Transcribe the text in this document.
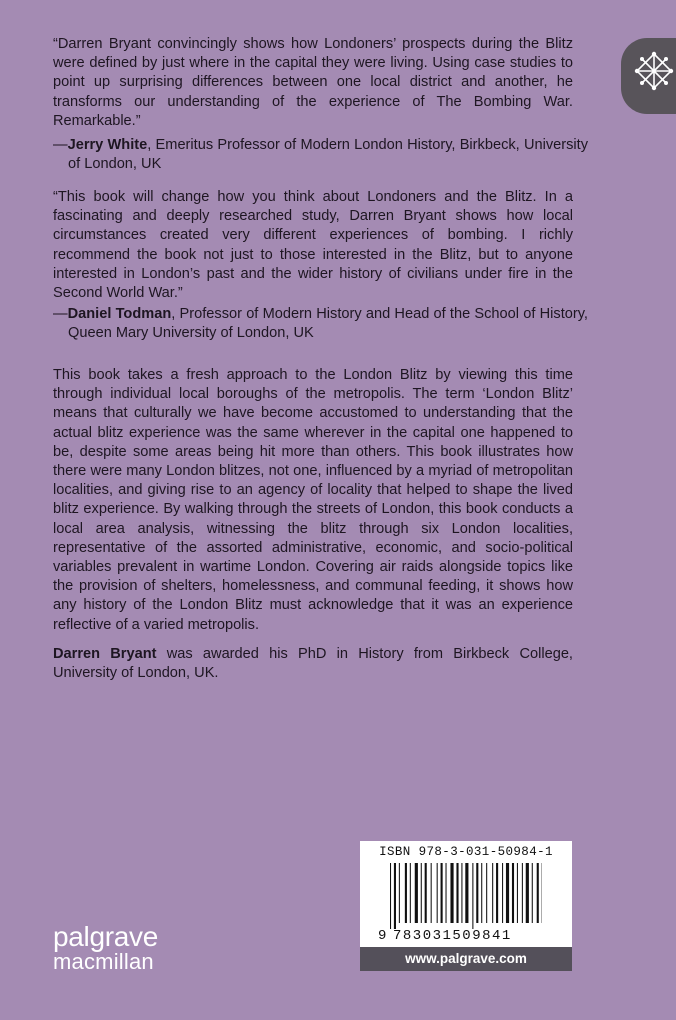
“Darren Bryant convincingly shows how Londoners’ prospects during the Blitz were defined by just where in the capital they were living. Using case studies to point up surprising differences between one local district and another, he transforms our understanding of the experience of The Bombing War. Remarkable.”

—Jerry White, Emeritus Professor of Modern London History, Birkbeck, University of London, UK

“This book will change how you think about Londoners and the Blitz. In a fascinating and deeply researched study, Darren Bryant shows how local circumstances created very different experiences of bombing. I richly recommend the book not just to those interested in the Blitz, but to anyone interested in London’s past and the wider history of civilians under fire in the Second World War.”

—Daniel Todman, Professor of Modern History and Head of the School of History, Queen Mary University of London, UK

This book takes a fresh approach to the London Blitz by viewing this time through individual local boroughs of the metropolis. The term ‘London Blitz’ means that culturally we have become accustomed to understanding that the actual blitz experience was the same wherever in the capital one happened to be, despite some areas being hit more than others. This book illustrates how there were many London blitzes, not one, influenced by a myriad of metropolitan localities, and giving rise to an agency of locality that helped to shape the lived blitz experience. By walking through the streets of London, this book conducts a local area analysis, witnessing the blitz through six London localities, representative of the assorted administrative, economic, and socio-political variables prevalent in wartime London. Covering air raids alongside topics like the provision of shelters, homelessness, and communal feeding, it shows how any history of the London Blitz must acknowledge that it was an experience reflective of a varied metropolis.

Darren Bryant was awarded his PhD in History from Birkbeck College, University of London, UK.

palgrave
macmillan
ISBN 978-3-031-50984-1
9 783031509841
www.palgrave.com
